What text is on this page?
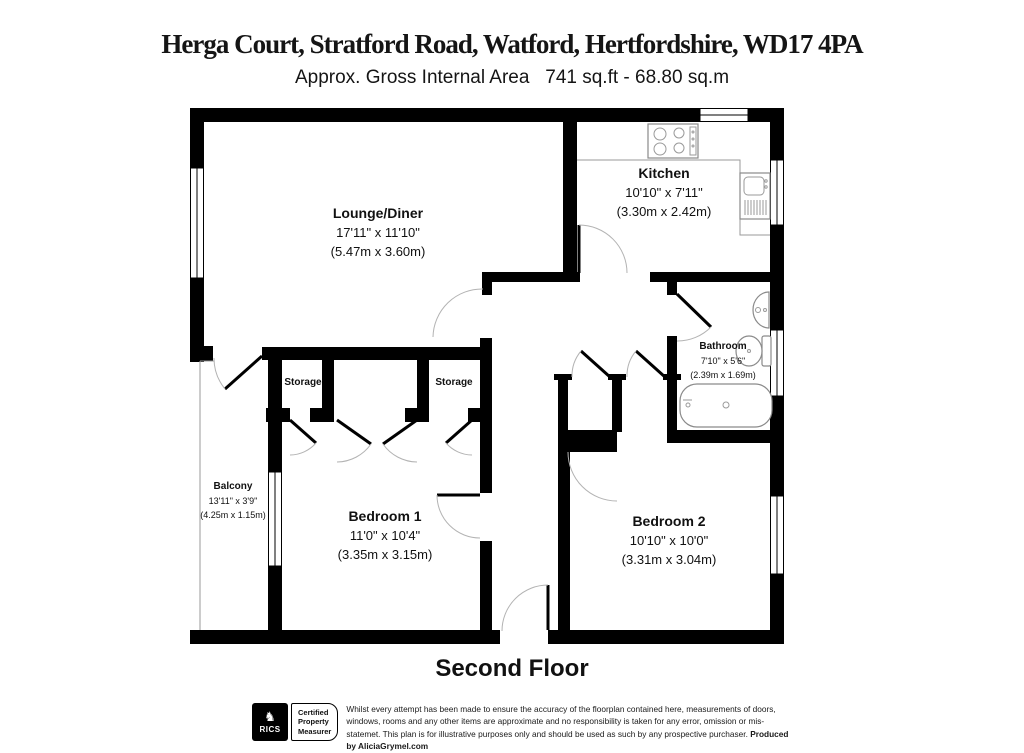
Herga Court, Stratford Road, Watford, Hertfordshire, WD17 4PA
Approx. Gross Internal Area   741 sq.ft - 68.80 sq.m
Lounge/Diner
17'11" x 11'10"
(5.47m x 3.60m)
Kitchen
10'10" x 7'11"
(3.30m x 2.42m)
Bathroom
7'10" x 5'6"
(2.39m x 1.69m)
Balcony
13'11" x 3'9"
(4.25m x 1.15m)	Bedroom 1
11'0" x 10'4"
(3.35m x 3.15m)
Bedroom 2
10'10" x 10'0"
(3.31m x 3.04m)
Storage	Storage
Second Floor
♞
RICS
Certified
Property
Measurer
Whilst every attempt has been made to ensure the accuracy of the floorplan contained here, measurements of doors, windows, rooms and any other items are approximate and no responsibility is taken for any error, omission or mis-statemet. This plan is for illustrative purposes only and should be used as such by any prospective purchaser. Produced by AliciaGrymel.com
